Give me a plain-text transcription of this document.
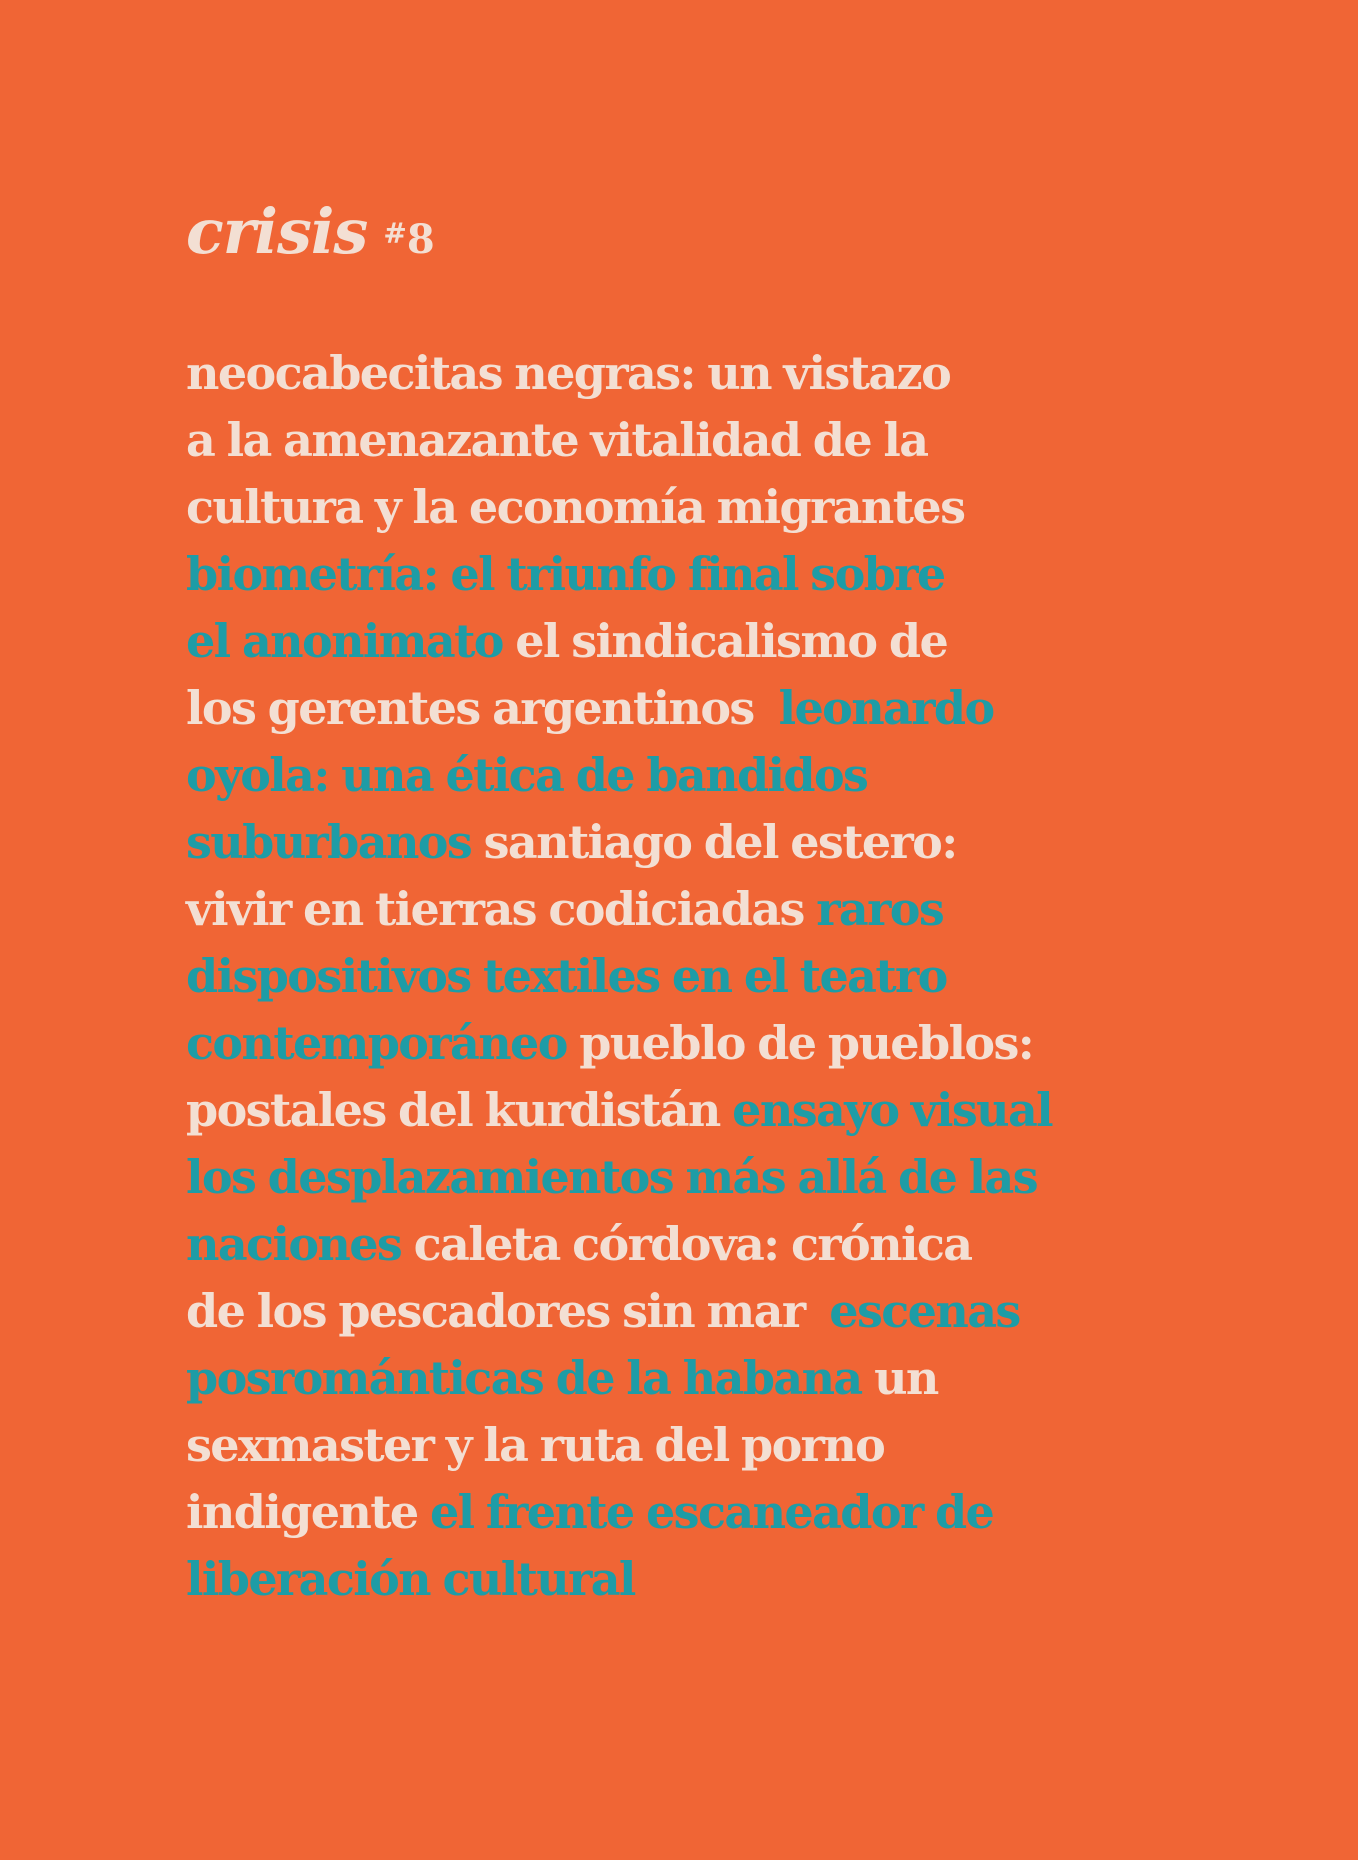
crisis #8
neocabecitas negras: un vistazo
a la amenazante vitalidad de la
cultura y la economía migrantes
biometría: el triunfo final sobre
el anonimato el sindicalismo de
los gerentes argentinos  leonardo
oyola: una ética de bandidos
suburbanos santiago del estero:
vivir en tierras codiciadas raros
dispositivos textiles en el teatro
contemporáneo pueblo de pueblos:
postales del kurdistán ensayo visual
los desplazamientos más allá de las
naciones caleta córdova: crónica
de los pescadores sin mar  escenas
posrománticas de la habana un
sexmaster y la ruta del porno
indigente el frente escaneador de
liberación cultural
